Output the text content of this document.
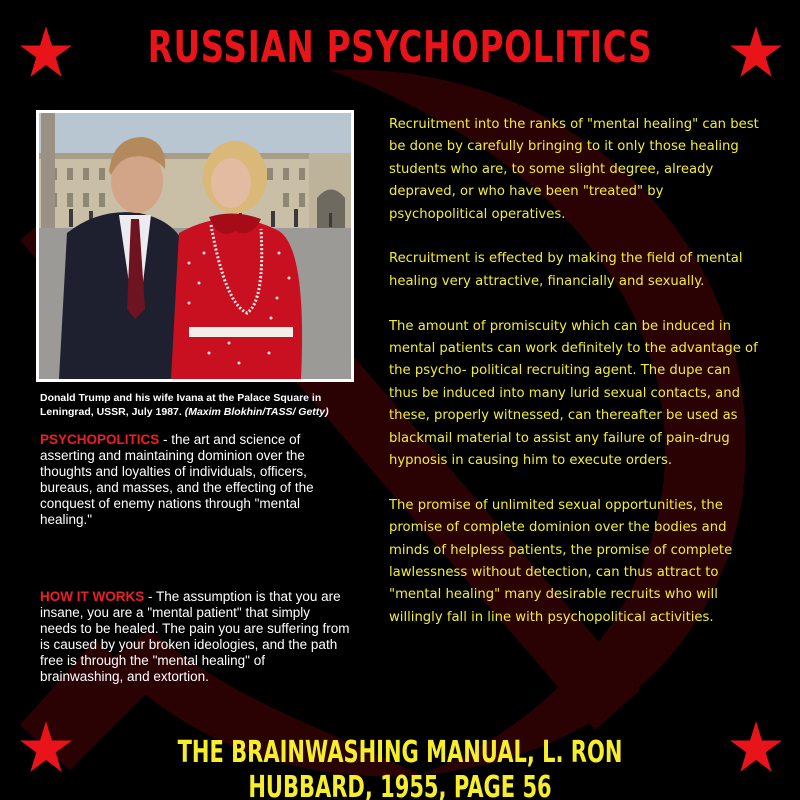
RUSSIAN PSYCHOPOLITICS
Donald Trump and his wife Ivana at the Palace Square in Leningrad, USSR, July 1987. (Maxim Blokhin/TASS/ Getty)
PSYCHOPOLITICS - the art and science of asserting and maintaining dominion over the thoughts and loyalties of individuals, officers, bureaus, and masses, and the effecting of the conquest of enemy nations through "mental healing."
HOW IT WORKS - The assumption is that you are insane, you are a "mental patient" that simply needs to be healed. The pain you are suffering from is caused by your broken ideologies, and the path free is through the "mental healing" of brainwashing, and extortion.

Recruitment into the ranks of "mental healing" can best be done by carefully bringing to it only those healing students who are, to some slight degree, already depraved, or who have been "treated" by psychopolitical operatives.

Recruitment is effected by making the field of mental healing very attractive, financially and sexually.

The amount of promiscuity which can be induced in mental patients can work definitely to the advantage of the psycho- political recruiting agent. The dupe can thus be induced into many lurid sexual contacts, and these, properly witnessed, can thereafter be used as blackmail material to assist any failure of pain-drug hypnosis in causing him to execute orders.

The promise of unlimited sexual opportunities, the promise of complete dominion over the bodies and minds of helpless patients, the promise of complete lawlessness without detection, can thus attract to "mental healing" many desirable recruits who will willingly fall in line with psychopolitical activities.

THE BRAINWASHING MANUAL, L. RON HUBBARD, 1955, PAGE 56
